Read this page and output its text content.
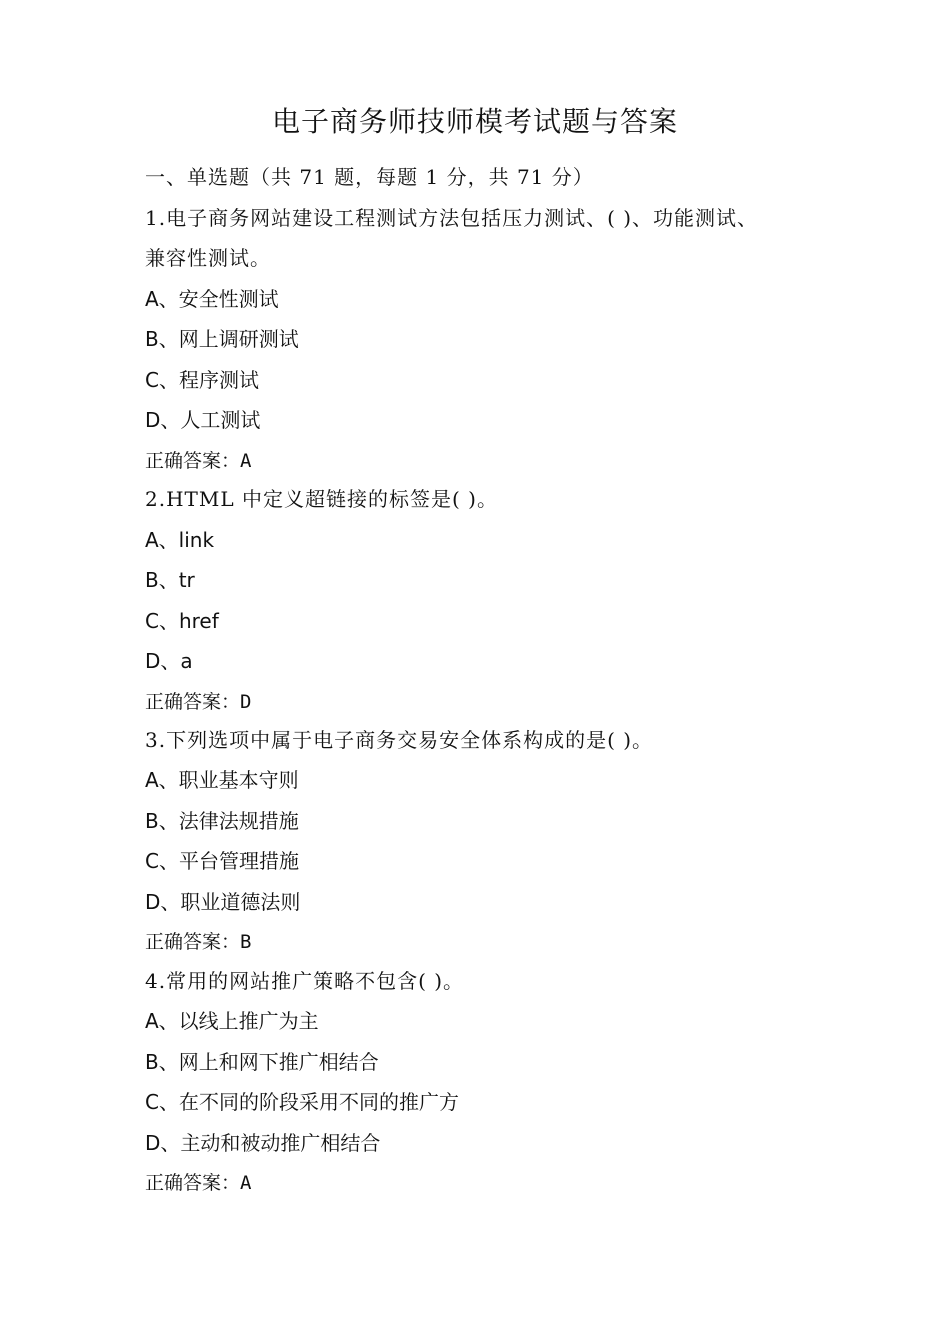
电子商务师技师模考试题与答案
一、单选题（共 71 题，每题 1 分，共 71 分）
1.电子商务网站建设工程测试方法包括压力测试、( )、功能测试、
兼容性测试。
A、安全性测试
B、网上调研测试
C、程序测试
D、人工测试
正确答案：A
2.HTML 中定义超链接的标签是( )。
A、link
B、tr
C、href
D、a
正确答案：D
3.下列选项中属于电子商务交易安全体系构成的是( )。
A、职业基本守则
B、法律法规措施
C、平台管理措施
D、职业道德法则
正确答案：B
4.常用的网站推广策略不包含( )。
A、以线上推广为主
B、网上和网下推广相结合
C、在不同的阶段采用不同的推广方
D、主动和被动推广相结合
正确答案：A
